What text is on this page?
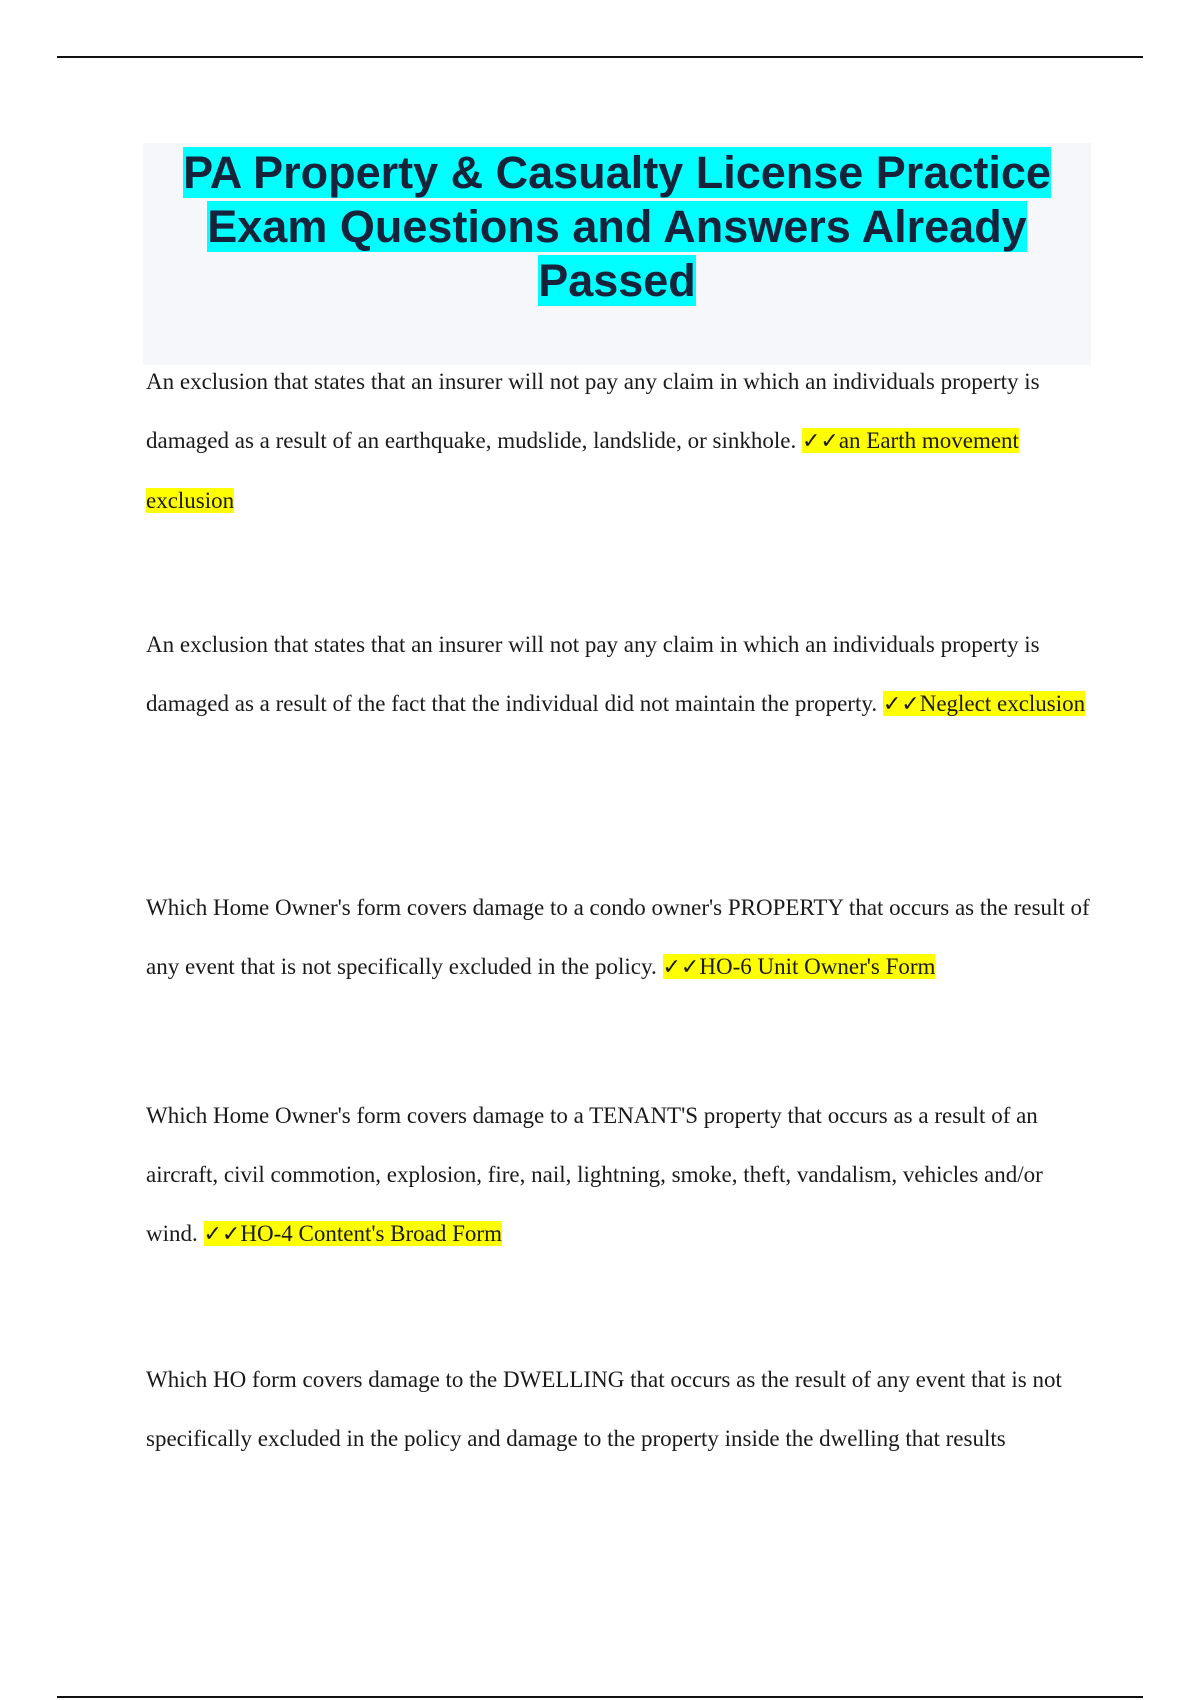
PA Property & Casualty License Practice Exam Questions and Answers Already Passed

An exclusion that states that an insurer will not pay any claim in which an individuals property is damaged as a result of an earthquake, mudslide, landslide, or sinkhole. ✓✓an Earth movement exclusion

An exclusion that states that an insurer will not pay any claim in which an individuals property is damaged as a result of the fact that the individual did not maintain the property. ✓✓Neglect exclusion

Which Home Owner's form covers damage to a condo owner's PROPERTY that occurs as the result of any event that is not specifically excluded in the policy. ✓✓HO-6 Unit Owner's Form

Which Home Owner's form covers damage to a TENANT'S property that occurs as a result of an aircraft, civil commotion, explosion, fire, nail, lightning, smoke, theft, vandalism, vehicles and/or wind. ✓✓HO-4 Content's Broad Form

Which HO form covers damage to the DWELLING that occurs as the result of any event that is not specifically excluded in the policy and damage to the property inside the dwelling that results
